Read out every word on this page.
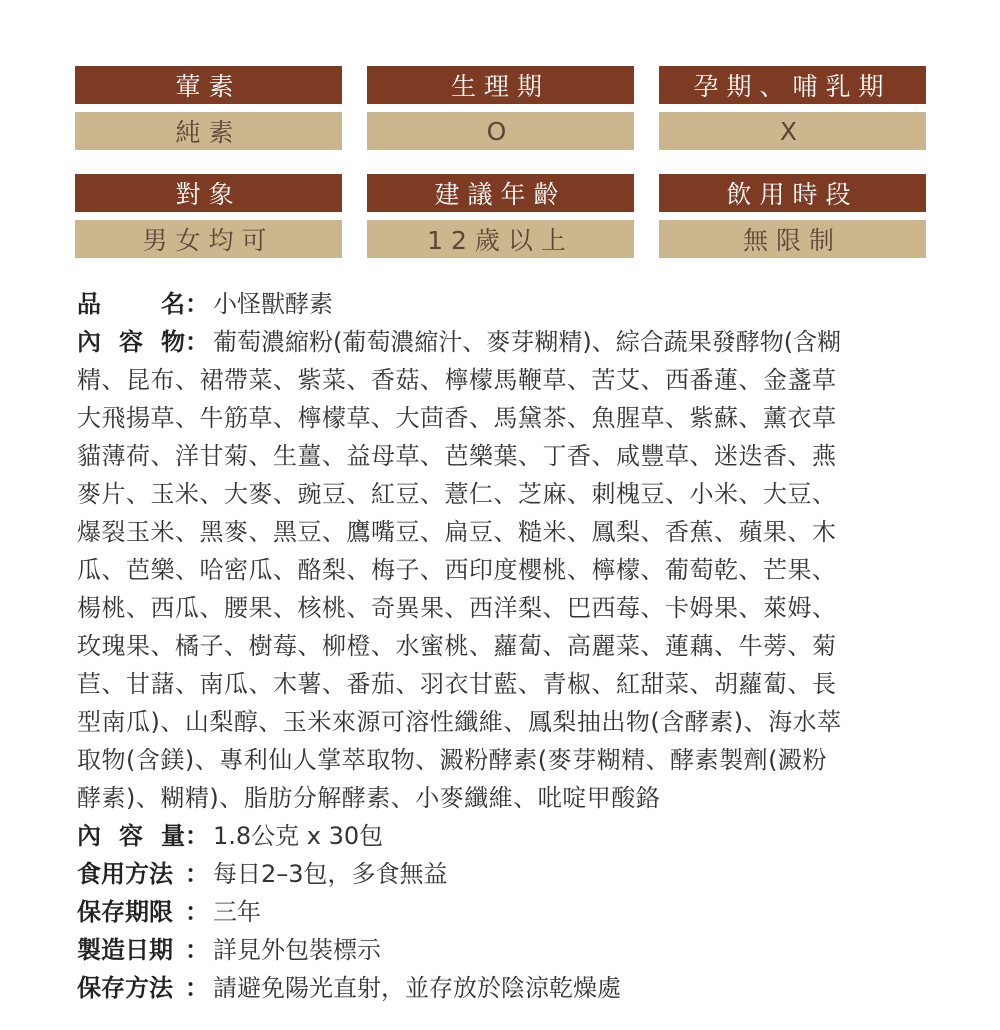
葷素	生理期	孕期、哺乳期
純素	O	X
對象	建議年齡	飲用時段
男女均可	12歲以上	無限制

品	名 ： 小怪獸酵素

內 容 物 ： 葡萄濃縮粉(葡萄濃縮汁、麥芽糊精)、綜合蔬果發酵物(含糊

精、昆布、裙帶菜、紫菜、香菇、檸檬馬鞭草、苦艾、西番蓮、金盞草

大飛揚草、牛筋草、檸檬草、大茴香、馬黛茶、魚腥草、紫蘇、薰衣草

貓薄荷、洋甘菊、生薑、益母草、芭樂葉、丁香、咸豐草、迷迭香、燕

麥片、玉米、大麥、豌豆、紅豆、薏仁、芝麻、刺槐豆、小米、大豆、

爆裂玉米、黑麥、黑豆、鷹嘴豆、扁豆、糙米、鳳梨、香蕉、蘋果、木

瓜、芭樂、哈密瓜、酪梨、梅子、西印度櫻桃、檸檬、葡萄乾、芒果、

楊桃、西瓜、腰果、核桃、奇異果、西洋梨、巴西莓、卡姆果、萊姆、

玫瑰果、橘子、樹莓、柳橙、水蜜桃、蘿蔔、高麗菜、蓮藕、牛蒡、菊

苣、甘藷、南瓜、木薯、番茄、羽衣甘藍、青椒、紅甜菜、胡蘿蔔、長

型南瓜)、山梨醇、玉米來源可溶性纖維、鳳梨抽出物(含酵素)、海水萃

取物(含鎂)、專利仙人掌萃取物、澱粉酵素(麥芽糊精、酵素製劑(澱粉

酵素)、糊精)、脂肪分解酵素、小麥纖維、吡啶甲酸鉻

內 容 量 ： 1.8公克 x 30包

食用方法 ： 每日2–3包，多食無益

保存期限 ： 三年

製造日期 ： 詳見外包裝標示

保存方法 ： 請避免陽光直射，並存放於陰涼乾燥處
